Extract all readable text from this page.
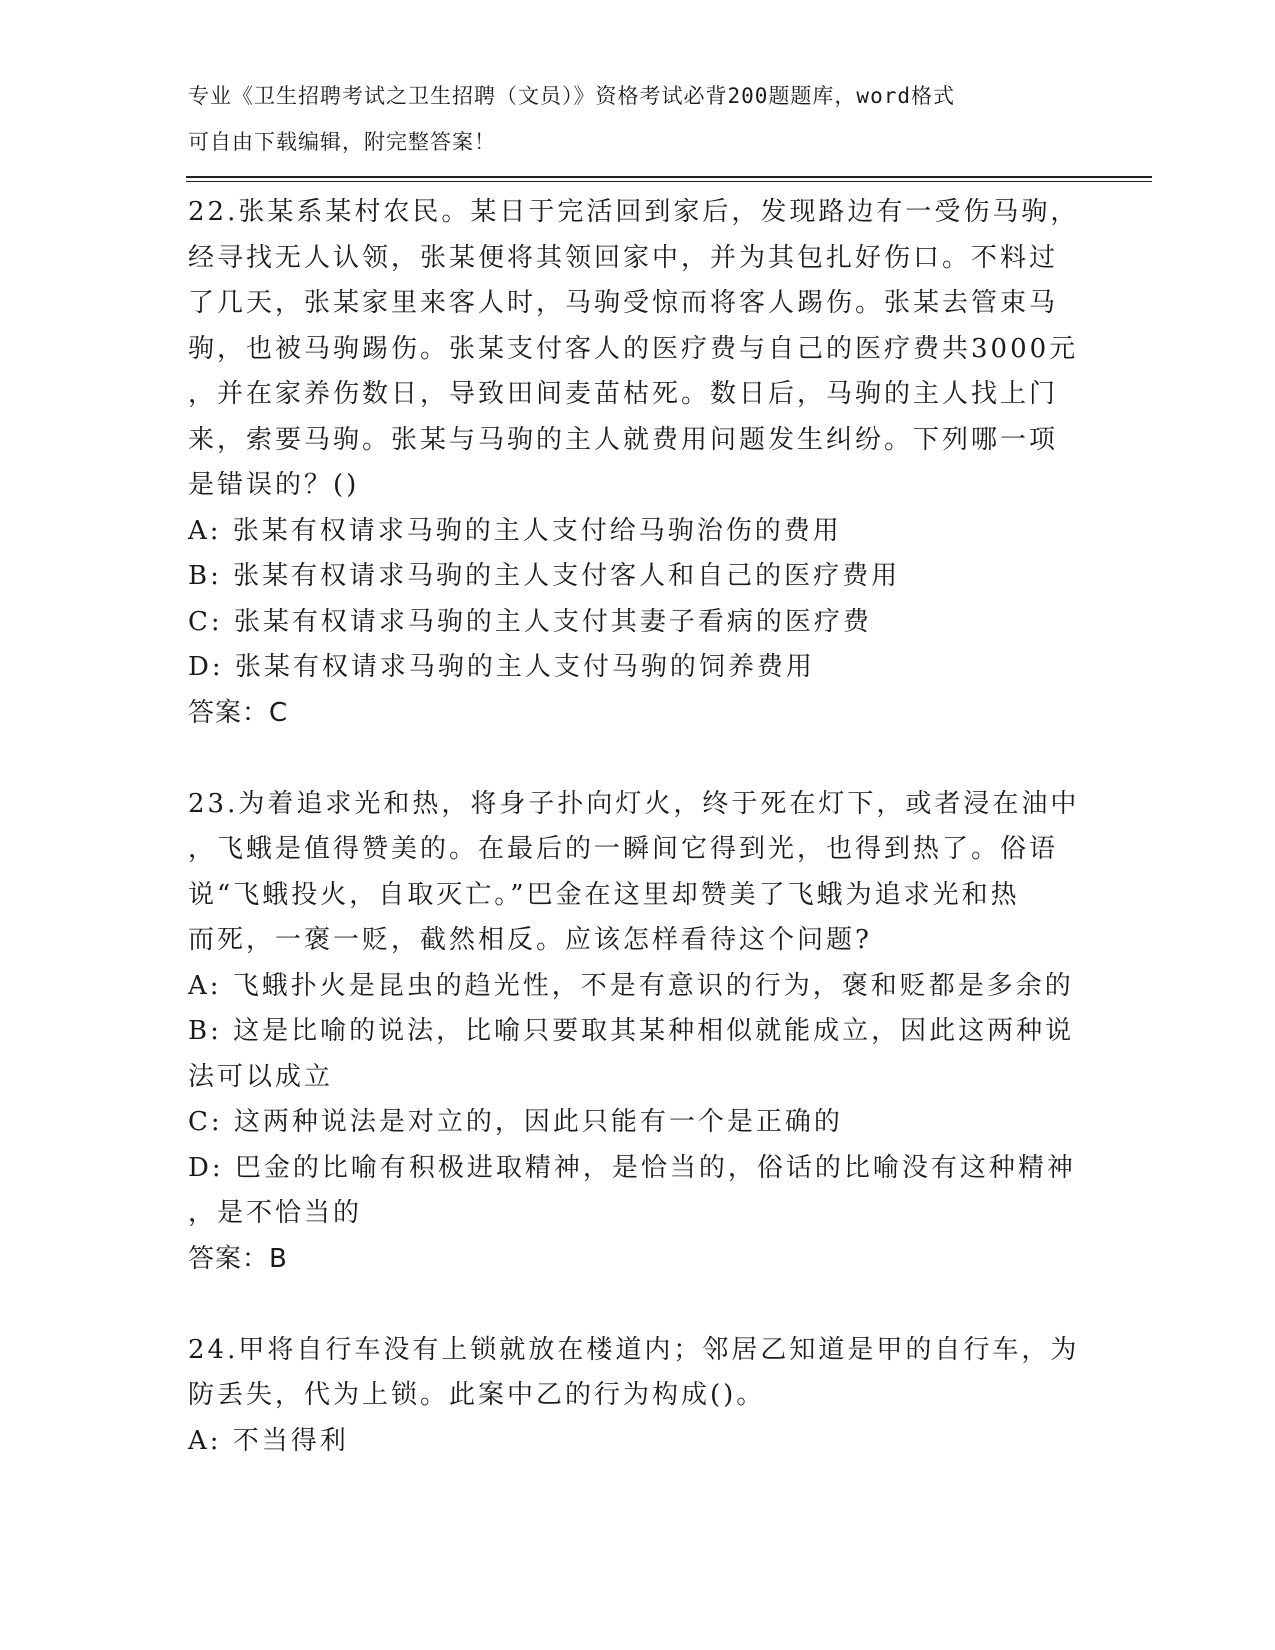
专业《卫生招聘考试之卫生招聘（文员）》资格考试必背200题题库，word格式
可自由下载编辑，附完整答案！
22.张某系某村农民。某日于完活回到家后，发现路边有一受伤马驹，
经寻找无人认领，张某便将其领回家中，并为其包扎好伤口。不料过
了几天，张某家里来客人时，马驹受惊而将客人踢伤。张某去管束马
驹，也被马驹踢伤。张某支付客人的医疗费与自己的医疗费共3000元
，并在家养伤数日，导致田间麦苗枯死。数日后，马驹的主人找上门
来，索要马驹。张某与马驹的主人就费用问题发生纠纷。下列哪一项
是错误的？()
A: 张某有权请求马驹的主人支付给马驹治伤的费用
B: 张某有权请求马驹的主人支付客人和自己的医疗费用
C: 张某有权请求马驹的主人支付其妻子看病的医疗费
D: 张某有权请求马驹的主人支付马驹的饲养费用
答案：C
23.为着追求光和热，将身子扑向灯火，终于死在灯下，或者浸在油中
，飞蛾是值得赞美的。在最后的一瞬间它得到光，也得到热了。俗语
说“飞蛾投火，自取灭亡。”巴金在这里却赞美了飞蛾为追求光和热
而死，一褒一贬，截然相反。应该怎样看待这个问题?
A: 飞蛾扑火是昆虫的趋光性，不是有意识的行为，褒和贬都是多余的
B: 这是比喻的说法，比喻只要取其某种相似就能成立，因此这两种说
法可以成立
C: 这两种说法是对立的，因此只能有一个是正确的
D: 巴金的比喻有积极进取精神，是恰当的，俗话的比喻没有这种精神
，是不恰当的
答案：B
24.甲将自行车没有上锁就放在楼道内；邻居乙知道是甲的自行车，为
防丢失，代为上锁。此案中乙的行为构成()。
A: 不当得利
